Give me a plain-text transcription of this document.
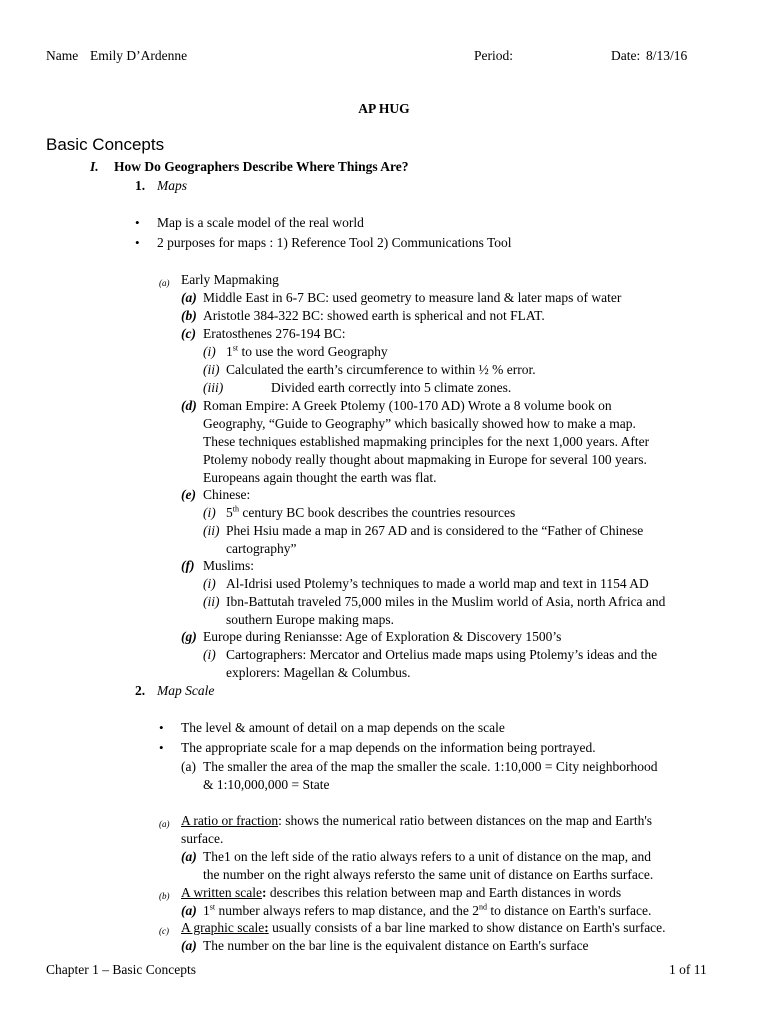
Name Emily D’Ardenne	Period:	Date: 8/13/16
AP HUG
Basic Concepts
I. How Do Geographers Describe Where Things Are?
1. Maps
• Map is a scale model of the real world
• 2 purposes for maps : 1) Reference Tool 2) Communications Tool
(a) Early Mapmaking
(a) Middle East in 6-7 BC: used geometry to measure land & later maps of water
(b) Aristotle 384-322 BC: showed earth is spherical and not FLAT.
(c) Eratosthenes 276-194 BC:
(i) 1st to use the word Geography
(ii) Calculated the earth’s circumference to within ½ % error.
(iii)	Divided earth correctly into 5 climate zones.
(d) Roman Empire: A Greek Ptolemy (100-170 AD) Wrote a 8 volume book on
Geography, “Guide to Geography” which basically showed how to make a map.
These techniques established mapmaking principles for the next 1,000 years. After
Ptolemy nobody really thought about mapmaking in Europe for several 100 years.
Europeans again thought the earth was flat.
(e) Chinese:
(i) 5th century BC book describes the countries resources
(ii) Phei Hsiu made a map in 267 AD and is considered to the “Father of Chinese
cartography”
(f) Muslims:
(i) Al-Idrisi used Ptolemy’s techniques to made a world map and text in 1154 AD
(ii) Ibn-Battutah traveled 75,000 miles in the Muslim world of Asia, north Africa and
southern Europe making maps.
(g) Europe during Reniansse: Age of Exploration & Discovery 1500’s
(i) Cartographers: Mercator and Ortelius made maps using Ptolemy’s ideas and the
explorers: Magellan & Columbus.
2. Map Scale
• The level & amount of detail on a map depends on the scale
• The appropriate scale for a map depends on the information being portrayed.
(a) The smaller the area of the map the smaller the scale. 1:10,000 = City neighborhood
& 1:10,000,000 = State
(a) A ratio or fraction: shows the numerical ratio between distances on the map and Earth's
surface.
(a) The1 on the left side of the ratio always refers to a unit of distance on the map, and
the number on the right always refersto the same unit of distance on Earths surface.
(b) A written scale: describes this relation between map and Earth distances in words
(a) 1st number always refers to map distance, and the 2nd to distance on Earth's surface.
(c) A graphic scale: usually consists of a bar line marked to show distance on Earth's surface.
(a) The number on the bar line is the equivalent distance on Earth's surface
Chapter 1 – Basic Concepts	1 of 11
